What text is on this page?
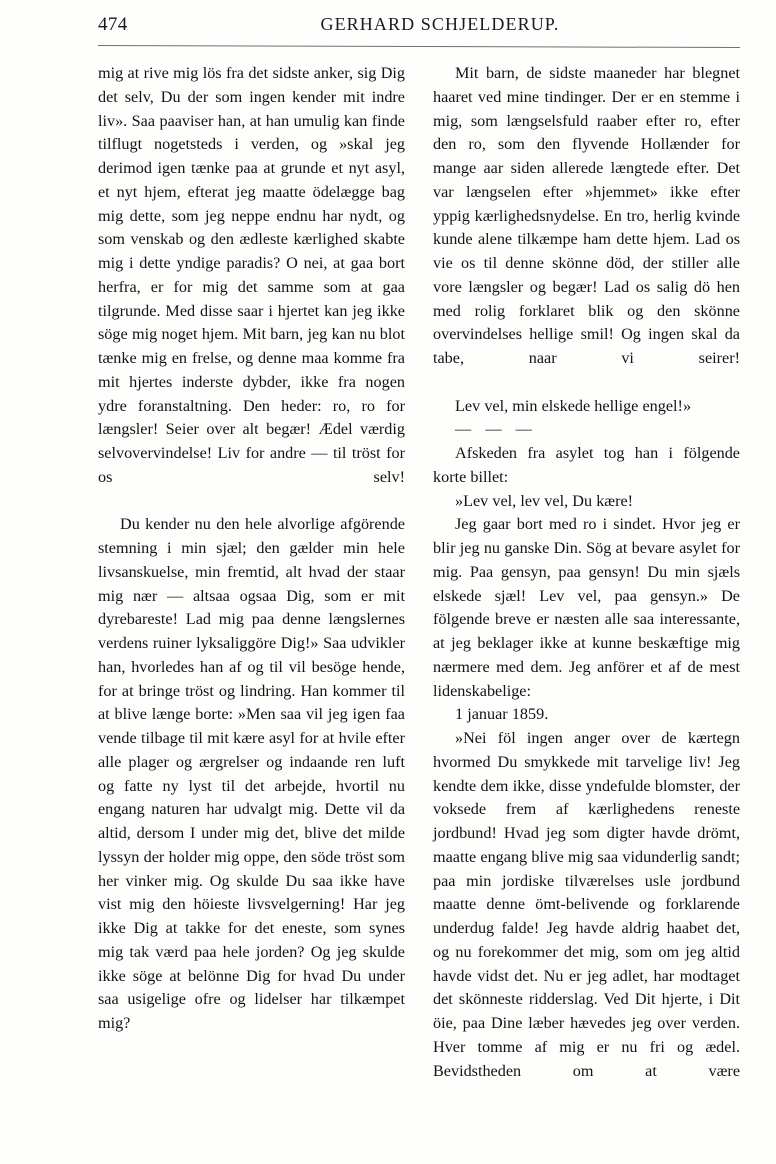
474	GERHARD SCHJELDERUP.

mig at rive mig lös fra det sidste anker, sig Dig det selv, Du der som ingen kender mit indre liv». Saa paaviser han, at han umulig kan finde tilflugt nogetsteds i verden, og »skal jeg derimod igen tænke paa at grunde et nyt asyl, et nyt hjem, efterat jeg maatte ödelægge bag mig dette, som jeg neppe endnu har nydt, og som venskab og den ædleste kærlighed skabte mig i dette yndige paradis? O nei, at gaa bort herfra, er for mig det samme som at gaa tilgrunde. Med disse saar i hjertet kan jeg ikke söge mig noget hjem. Mit barn, jeg kan nu blot tænke mig en frelse, og denne maa komme fra mit hjertes inderste dybder, ikke fra nogen ydre foranstaltning. Den heder: ro, ro for længsler! Seier over alt begær! Ædel værdig selvovervindelse! Liv for andre — til tröst for os selv!

Du kender nu den hele alvorlige afgörende stemning i min sjæl; den gælder min hele livsanskuelse, min fremtid, alt hvad der staar mig nær — altsaa ogsaa Dig, som er mit dyrebareste! Lad mig paa denne længslernes verdens ruiner lyksaliggöre Dig!» Saa udvikler han, hvorledes han af og til vil besöge hende, for at bringe tröst og lindring. Han kommer til at blive længe borte: »Men saa vil jeg igen faa vende tilbage til mit kære asyl for at hvile efter alle plager og ærgrelser og indaande ren luft og fatte ny lyst til det arbejde, hvortil nu engang naturen har udvalgt mig. Dette vil da altid, dersom I under mig det, blive det milde lyssyn der holder mig oppe, den söde tröst som her vinker mig. Og skulde Du saa ikke have vist mig den höieste livsvelgerning! Har jeg ikke Dig at takke for det eneste, som synes mig tak værd paa hele jorden? Og jeg skulde ikke söge at belönne Dig for hvad Du under saa usigelige ofre og lidelser har tilkæmpet mig?

Mit barn, de sidste maaneder har blegnet haaret ved mine tindinger. Der er en stemme i mig, som længselsfuld raaber efter ro, efter den ro, som den flyvende Hollænder for mange aar siden allerede længtede efter. Det var længselen efter »hjemmet» ikke efter yppig kærlighedsnydelse. En tro, herlig kvinde kunde alene tilkæmpe ham dette hjem. Lad os vie os til denne skönne död, der stiller alle vore længsler og begær! Lad os salig dö hen med rolig forklaret blik og den skönne overvindelses hellige smil! Og ingen skal da tabe, naar vi seirer!

Lev vel, min elskede hellige engel!»

— — —

Afskeden fra asylet tog han i fölgende korte billet:

»Lev vel, lev vel, Du kære!

Jeg gaar bort med ro i sindet. Hvor jeg er blir jeg nu ganske Din. Sög at bevare asylet for mig. Paa gensyn, paa gensyn! Du min sjæls elskede sjæl! Lev vel, paa gensyn.» De fölgende breve er næsten alle saa interessante, at jeg beklager ikke at kunne beskæftige mig nærmere med dem. Jeg anförer et af de mest lidenskabelige:

1 januar 1859.

»Nei föl ingen anger over de kærtegn hvormed Du smykkede mit tarvelige liv! Jeg kendte dem ikke, disse yndefulde blomster, der voksede frem af kærlighedens reneste jordbund! Hvad jeg som digter havde drömt, maatte engang blive mig saa vidunderlig sandt; paa min jordiske tilværelses usle jordbund maatte denne ömt-belivende og forklarende underdug falde! Jeg havde aldrig haabet det, og nu forekommer det mig, som om jeg altid havde vidst det. Nu er jeg adlet, har modtaget det skönneste ridderslag. Ved Dit hjerte, i Dit öie, paa Dine læber hævedes jeg over verden. Hver tomme af mig er nu fri og ædel. Bevidstheden om at være
